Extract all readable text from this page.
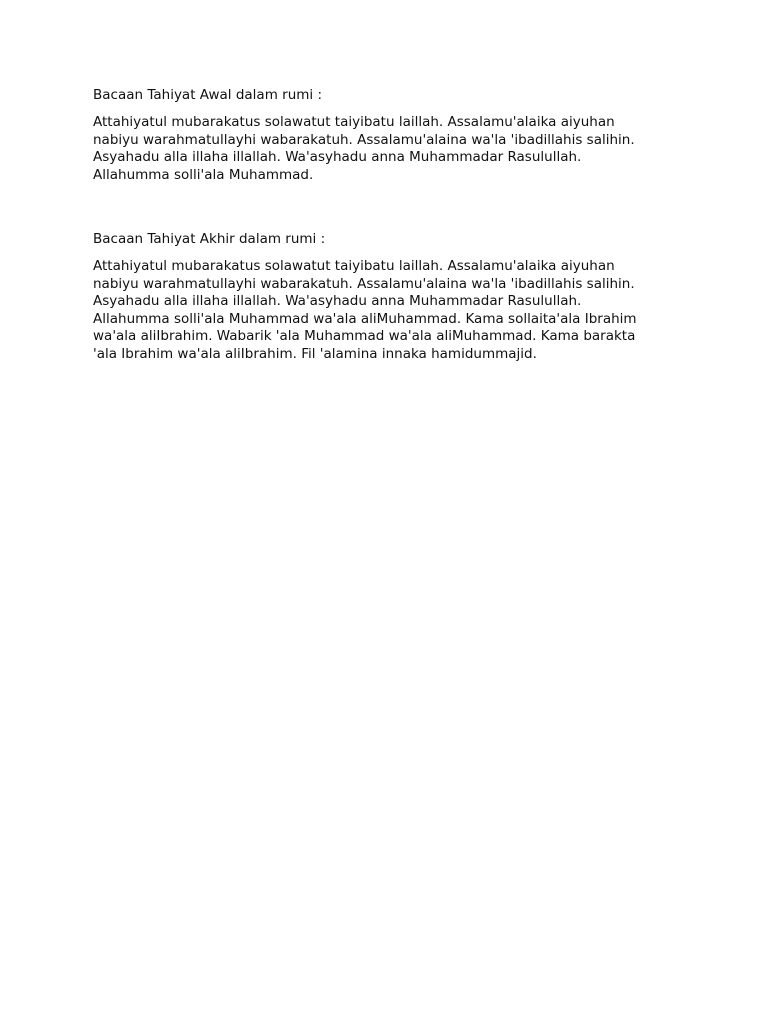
Bacaan Tahiyat Awal dalam rumi :

Attahiyatul mubarakatus solawatut taiyibatu laillah. Assalamu'alaika aiyuhan
nabiyu warahmatullayhi wabarakatuh. Assalamu'alaina wa'la 'ibadillahis salihin.
Asyahadu alla illaha illallah. Wa'asyhadu anna Muhammadar Rasulullah.
Allahumma solli'ala Muhammad.

Bacaan Tahiyat Akhir dalam rumi :

Attahiyatul mubarakatus solawatut taiyibatu laillah. Assalamu'alaika aiyuhan
nabiyu warahmatullayhi wabarakatuh. Assalamu'alaina wa'la 'ibadillahis salihin.
Asyahadu alla illaha illallah. Wa'asyhadu anna Muhammadar Rasulullah.
Allahumma solli'ala Muhammad wa'ala aliMuhammad. Kama sollaita'ala Ibrahim
wa'ala aliIbrahim. Wabarik 'ala Muhammad wa'ala aliMuhammad. Kama barakta
'ala Ibrahim wa'ala aliIbrahim. Fil 'alamina innaka hamidummajid.
